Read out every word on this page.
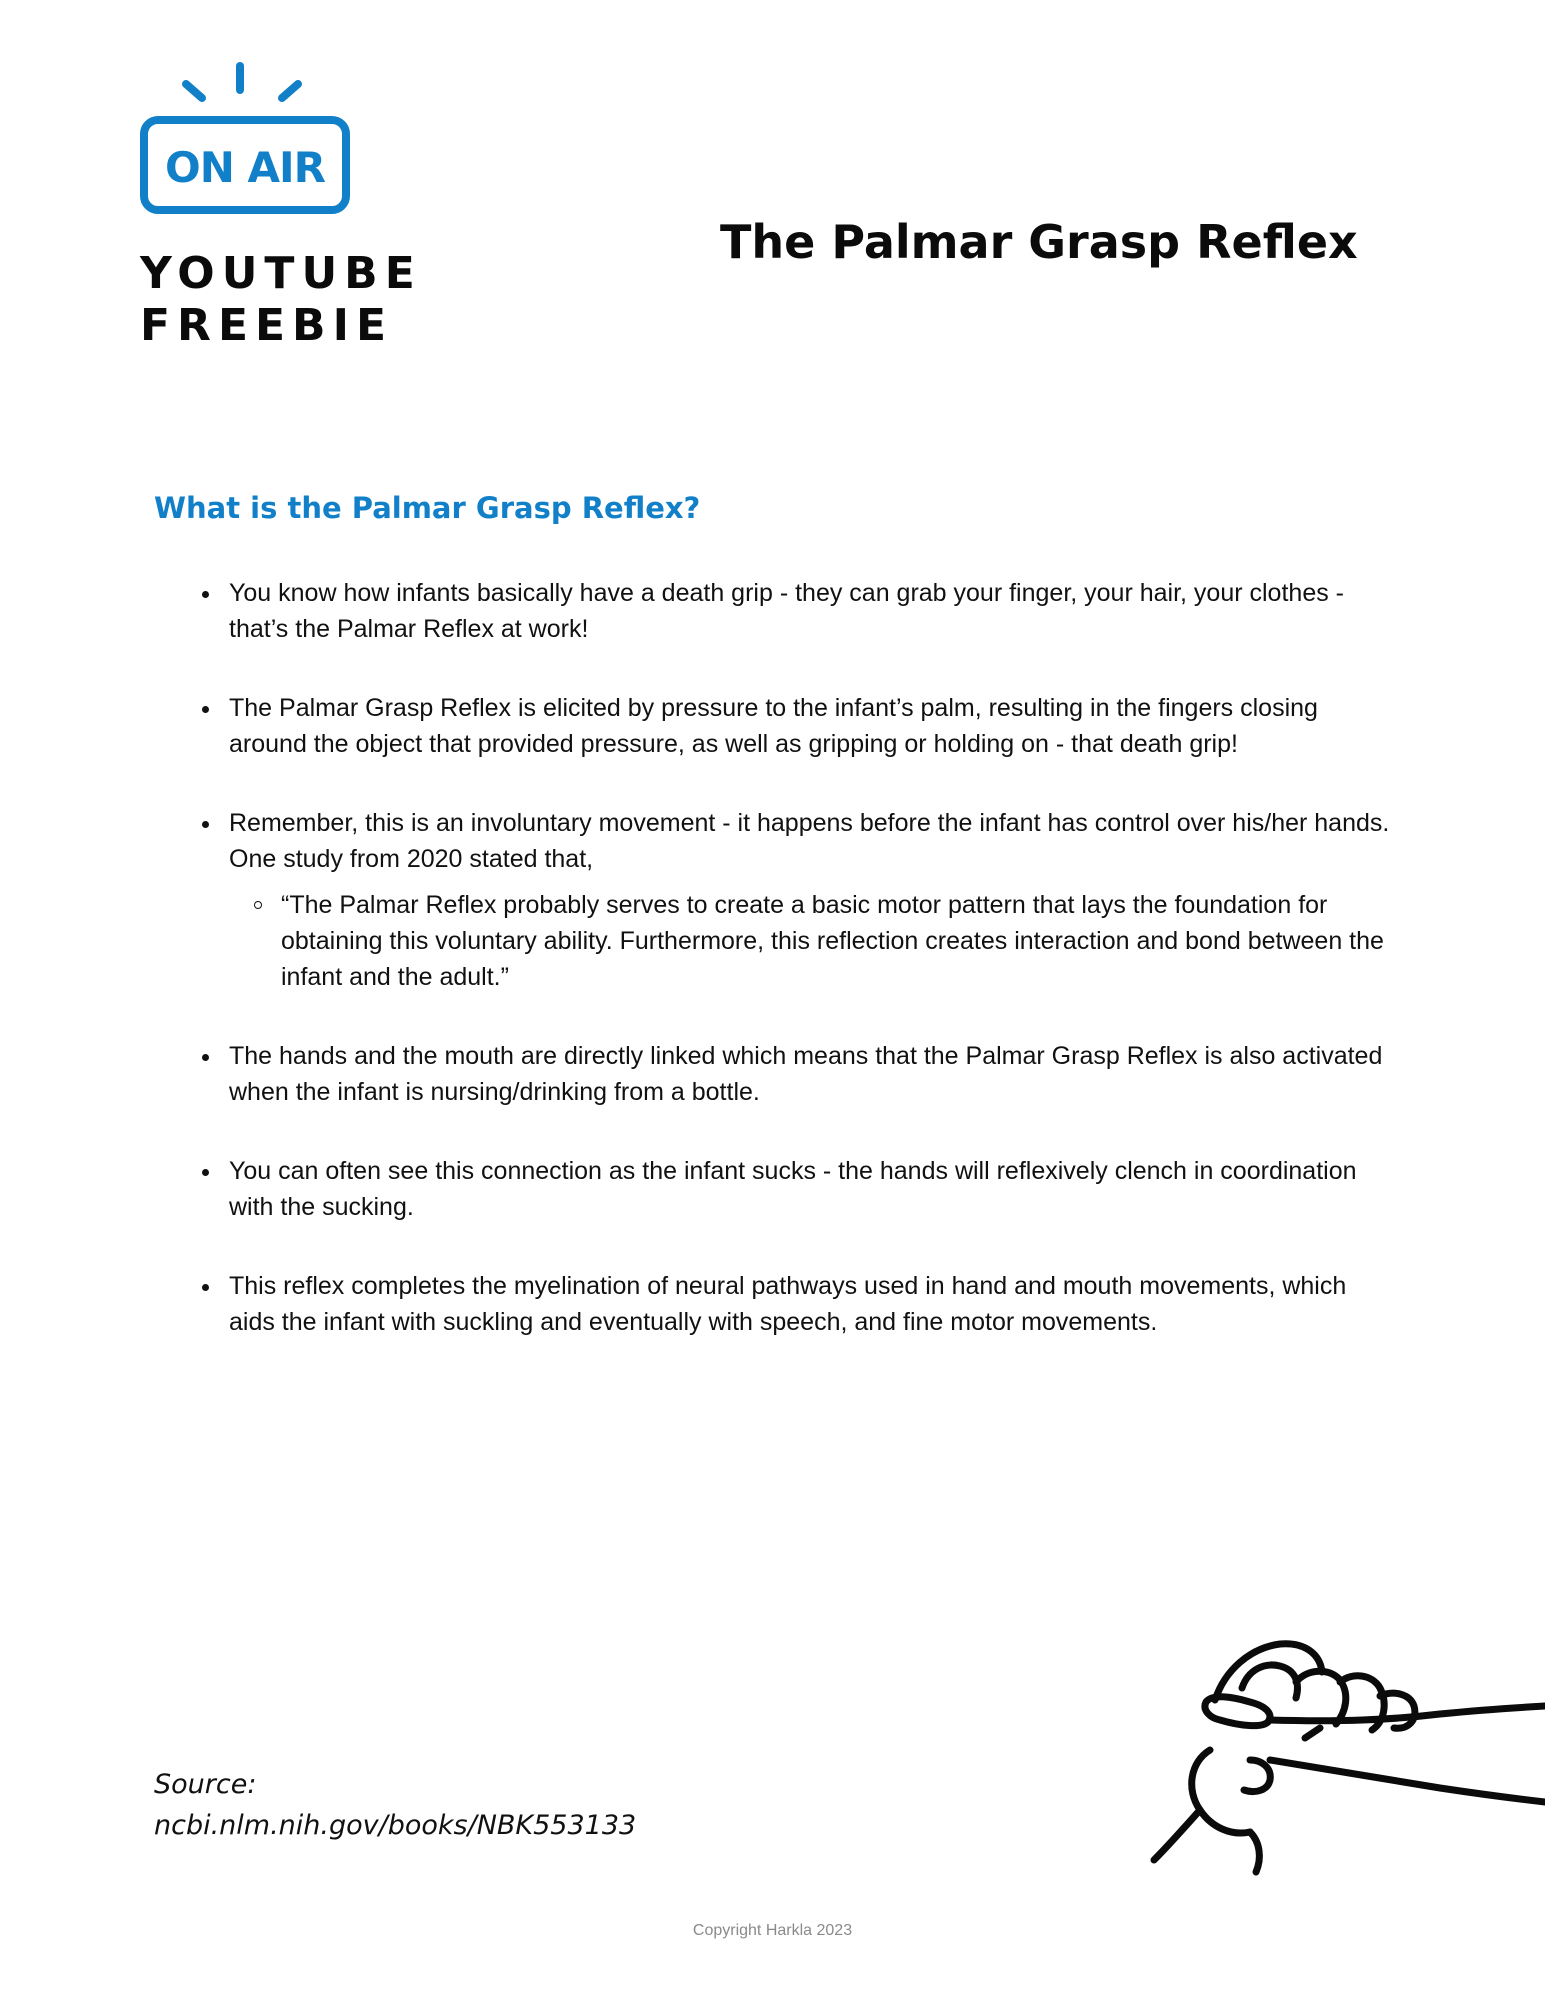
ON AIR
YOUTUBE
FREEBIE
The Palmar Grasp Reflex
What is the Palmar Grasp Reflex?
You know how infants basically have a death grip - they can grab your finger, your hair, your clothes - that’s the Palmar Reflex at work!
The Palmar Grasp Reflex is elicited by pressure to the infant’s palm, resulting in the fingers closing around the object that provided pressure, as well as gripping or holding on - that death grip!
Remember, this is an involuntary movement - it happens before the infant has control over his/her hands. One study from 2020 stated that,
“The Palmar Reflex probably serves to create a basic motor pattern that lays the foundation for obtaining this voluntary ability. Furthermore, this reflection creates interaction and bond between the infant and the adult.”
The hands and the mouth are directly linked which means that the Palmar Grasp Reflex is also activated when the infant is nursing/drinking from a bottle.
You can often see this connection as the infant sucks - the hands will reflexively clench in coordination with the sucking.
This reflex completes the myelination of neural pathways used in hand and mouth movements, which aids the infant with suckling and eventually with speech, and fine motor movements.
Source:
ncbi.nlm.nih.gov/books/NBK553133
Copyright Harkla 2023
